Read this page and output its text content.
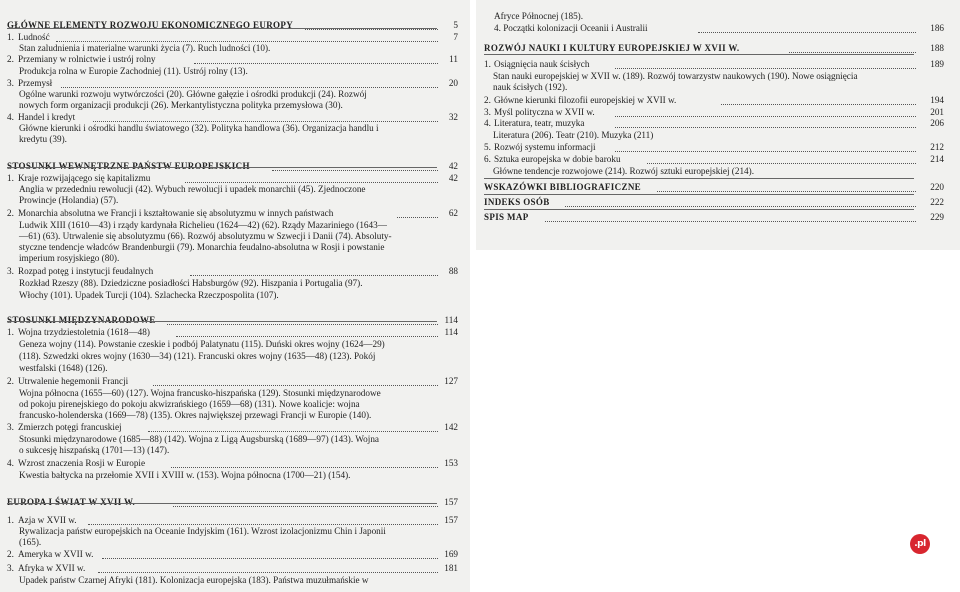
GŁÓWNE ELEMENTY ROZWOJU EKONOMICZNEGO EUROPY	5
1. Ludność	7
Stan zaludnienia i materialne warunki życia (7). Ruch ludności (10).
2. Przemiany w rolnictwie i ustrój rolny	11
Produkcja rolna w Europie Zachodniej (11). Ustrój rolny (13).
3. Przemysł	20
Ogólne warunki rozwoju wytwórczości (20). Główne gałęzie i ośrodki produkcji (24). Rozwój
nowych form organizacji produkcji (26). Merkantylistyczna polityka przemysłowa (30).
4. Handel i kredyt	32
Główne kierunki i ośrodki handlu światowego (32). Polityka handlowa (36). Organizacja handlu i
kredytu (39).
STOSUNKI WEWNĘTRZNE PAŃSTW EUROPEJSKICH	42
1. Kraje rozwijającego się kapitalizmu	42
Anglia w przededniu rewolucji (42). Wybuch rewolucji i upadek monarchii (45). Zjednoczone
Prowincje (Holandia) (57).
2. Monarchia absolutna we Francji i kształtowanie się absolutyzmu w innych państwach	62
Ludwik XIII (1610—43) i rządy kardynała Richelieu (1624—42) (62). Rządy Mazariniego (1643—
—61) (63). Utrwalenie się absolutyzmu (66). Rozwój absolutyzmu w Szwecji i Danii (74). Absoluty-
styczne tendencje władców Brandenburgii (79). Monarchia feudalno-absolutna w Rosji i powstanie
imperium rosyjskiego (80).
3. Rozpad potęg i instytucji feudalnych	88
Rozkład Rzeszy (88). Dziedziczne posiadłości Habsburgów (92). Hiszpania i Portugalia (97).
Włochy (101). Upadek Turcji (104). Szlachecka Rzeczpospolita (107).
STOSUNKI MIĘDZYNARODOWE	114
1. Wojna trzydziestoletnia (1618—48)	114
Geneza wojny (114). Powstanie czeskie i podbój Palatynatu (115). Duński okres wojny (1624—29)
(118). Szwedzki okres wojny (1630—34) (121). Francuski okres wojny (1635—48) (123). Pokój
westfalski (1648) (126).
2. Utrwalenie hegemonii Francji	127
Wojna północna (1655—60) (127). Wojna francusko-hiszpańska (129). Stosunki międzynarodowe
od pokoju pirenejskiego do pokoju akwizrańskiego (1659—68) (131). Nowe koalicje: wojna
francusko-holenderska (1669—78) (135). Okres największej przewagi Francji w Europie (140).
3. Zmierzch potęgi francuskiej	142
Stosunki międzynarodowe (1685—88) (142). Wojna z Ligą Augsburską (1689—97) (143). Wojna
o sukcesję hiszpańską (1701—13) (147).
4. Wzrost znaczenia Rosji w Europie	153
Kwestia bałtycka na przełomie XVII i XVIII w. (153). Wojna północna (1700—21) (154).
EUROPA I ŚWIAT W XVII W.	157
1. Azja w XVII w.	157
Rywalizacja państw europejskich na Oceanie Indyjskim (161). Wzrost izolacjonizmu Chin i Japonii
(165).
2. Ameryka w XVII w.	169
3. Afryka w XVII w.	181
Upadek państw Czarnej Afryki (181). Kolonizacja europejska (183). Państwa muzułmańskie w
Afryce Północnej (185).
4. Początki kolonizacji Oceanii i Australii	186
ROZWÓJ NAUKI I KULTURY EUROPEJSKIEJ W XVII W.	188
1. Osiągnięcia nauk ścisłych	189
Stan nauki europejskiej w XVII w. (189). Rozwój towarzystw naukowych (190). Nowe osiągnięcia
nauk ścisłych (192).
2. Główne kierunki filozofii europejskiej w XVII w.	194
3. Myśl polityczna w XVII w.	201
4. Literatura, teatr, muzyka	206
Literatura (206). Teatr (210). Muzyka (211)
5. Rozwój systemu informacji	212
6. Sztuka europejska w dobie baroku	214
Główne tendencje rozwojowe (214). Rozwój sztuki europejskiej (214).
WSKAZÓWKI BIBLIOGRAFICZNE	220
INDEKS OSÓB	222
SPIS MAP	229
Sprzedajemy .pl
